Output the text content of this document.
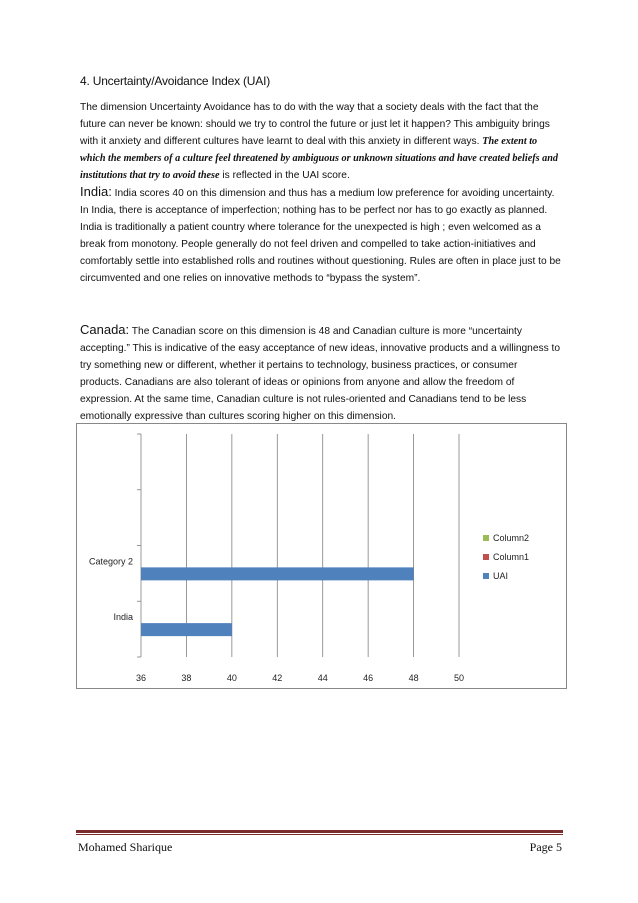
4. Uncertainty/Avoidance Index (UAI)

The dimension Uncertainty Avoidance has to do with the way that a society deals with the fact that the future can never be known: should we try to control the future or just let it happen? This ambiguity brings with it anxiety and different cultures have learnt to deal with this anxiety in different ways. The extent to which the members of a culture feel threatened by ambiguous or unknown situations and have created beliefs and institutions that try to avoid these is reflected in the UAI score.

India: India scores 40 on this dimension and thus has a medium low preference for avoiding uncertainty. In India, there is acceptance of imperfection; nothing has to be perfect nor has to go exactly as planned. India is traditionally a patient country where tolerance for the unexpected is high ; even welcomed as a break from monotony. People generally do not feel driven and compelled to take action-initiatives and comfortably settle into established rolls and routines without questioning. Rules are often in place just to be circumvented and one relies on innovative methods to “bypass the system”.

Canada: The Canadian score on this dimension is 48 and Canadian culture is more “uncertainty accepting.” This is indicative of the easy acceptance of new ideas, innovative products and a willingness to try something new or different, whether it pertains to technology, business practices, or consumer products. Canadians are also tolerant of ideas or opinions from anyone and allow the freedom of expression. At the same time, Canadian culture is not rules-oriented and Canadians tend to be less emotionally expressive than cultures scoring higher on this dimension.

36	38	40	42	44	46	48	50
India
Category 2
Column2
Column1
UAI
Mohamed Sharique	Page 5
